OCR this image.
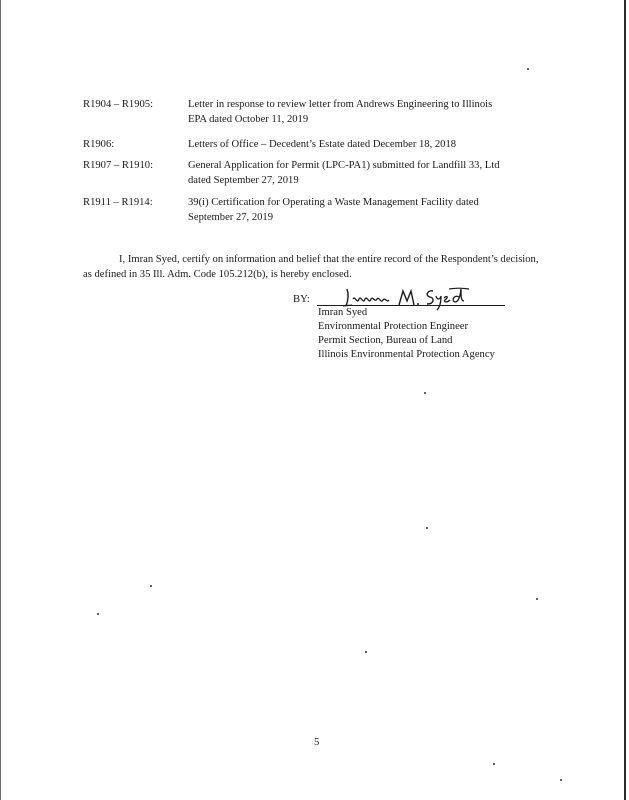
R1904 – R1905:	Letter in response to review letter from Andrews Engineering to Illinois
EPA dated October 11, 2019
R1906:	Letters of Office – Decedent’s Estate dated December 18, 2018
R1907 – R1910:	General Application for Permit (LPC-PA1) submitted for Landfill 33, Ltd
dated September 27, 2019
R1911 – R1914:	39(i) Certification for Operating a Waste Management Facility dated
September 27, 2019
I, Imran Syed, certify on information and belief that the entire record of the Respondent’s decision, as defined in 35 Ill. Adm. Code 105.212(b), is hereby enclosed.
BY:
Imran Syed
Environmental Protection Engineer
Permit Section, Bureau of Land
Illinois Environmental Protection Agency
5
